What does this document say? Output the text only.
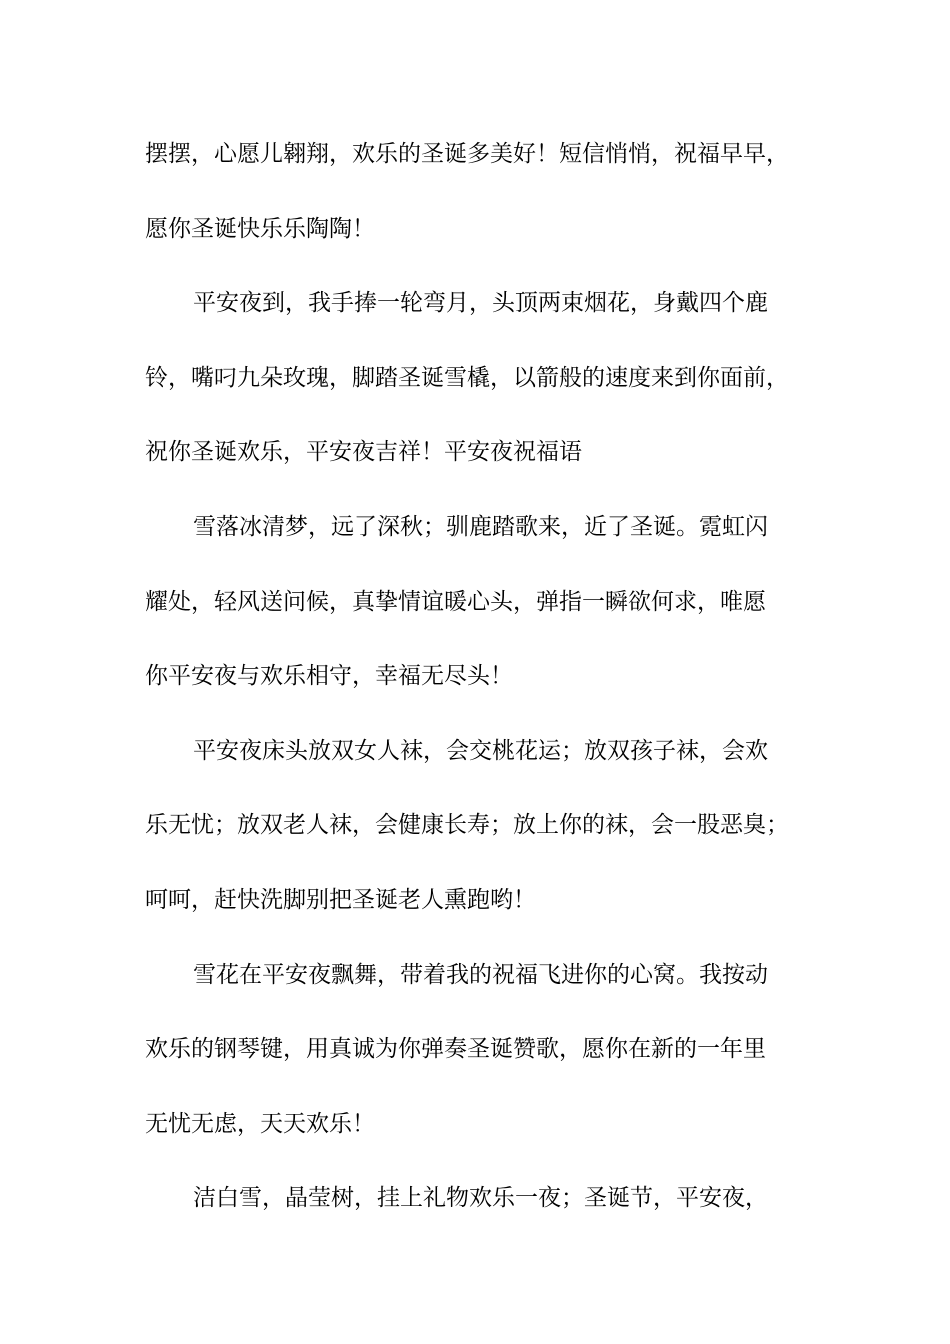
摆摆，心愿儿翱翔，欢乐的圣诞多美好！短信悄悄，祝福早早，
愿你圣诞快乐乐陶陶！
平安夜到，我手捧一轮弯月，头顶两束烟花，身戴四个鹿
铃，嘴叼九朵玫瑰，脚踏圣诞雪橇，以箭般的速度来到你面前，
祝你圣诞欢乐，平安夜吉祥！平安夜祝福语
雪落冰清梦，远了深秋；驯鹿踏歌来，近了圣诞。霓虹闪
耀处，轻风送问候，真挚情谊暖心头，弹指一瞬欲何求，唯愿
你平安夜与欢乐相守，幸福无尽头！
平安夜床头放双女人袜，会交桃花运；放双孩子袜，会欢
乐无忧；放双老人袜，会健康长寿；放上你的袜，会一股恶臭；
呵呵，赶快洗脚别把圣诞老人熏跑哟！
雪花在平安夜飘舞，带着我的祝福飞进你的心窝。我按动
欢乐的钢琴键，用真诚为你弹奏圣诞赞歌，愿你在新的一年里
无忧无虑，天天欢乐！
洁白雪，晶莹树，挂上礼物欢乐一夜；圣诞节，平安夜，
